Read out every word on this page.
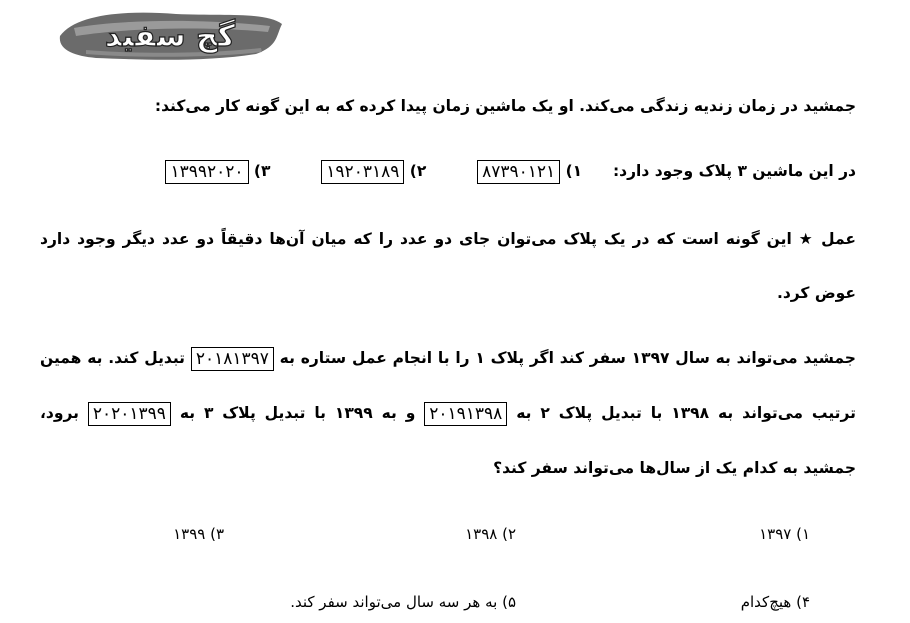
گچ سفید
جمشید در زمان زندیه زندگی می‌کند. او یک ماشین زمان پیدا کرده که به این گونه کار می‌کند:
در این ماشین ۳ پلاک وجود دارد:  ۱) ۸۷۳۹۰۱۲۱  ۲) ۱۹۲۰۳۱۸۹  ۳) ۱۳۹۹۲۰۲۰
عمل ★ این گونه است که در یک پلاک می‌توان جای دو عدد را که میان آن‌ها دقیقاً دو عدد دیگر وجود دارد
عوض کرد.
جمشید می‌تواند به سال ۱۳۹۷ سفر کند اگر پلاک ۱ را با انجام عمل ستاره به ۲۰۱۸۱۳۹۷ تبدیل کند. به همین
ترتیب می‌تواند به ۱۳۹۸ با تبدیل پلاک ۲ به ۲۰۱۹۱۳۹۸ و به ۱۳۹۹ با تبدیل پلاک ۳ به ۲۰۲۰۱۳۹۹ برود،
جمشید به کدام یک از سال‌ها می‌تواند سفر کند؟
۱) ۱۳۹۷
۲) ۱۳۹۸
۳) ۱۳۹۹
۴) هیچ‌کدام
۵) به هر سه سال می‌تواند سفر کند.
